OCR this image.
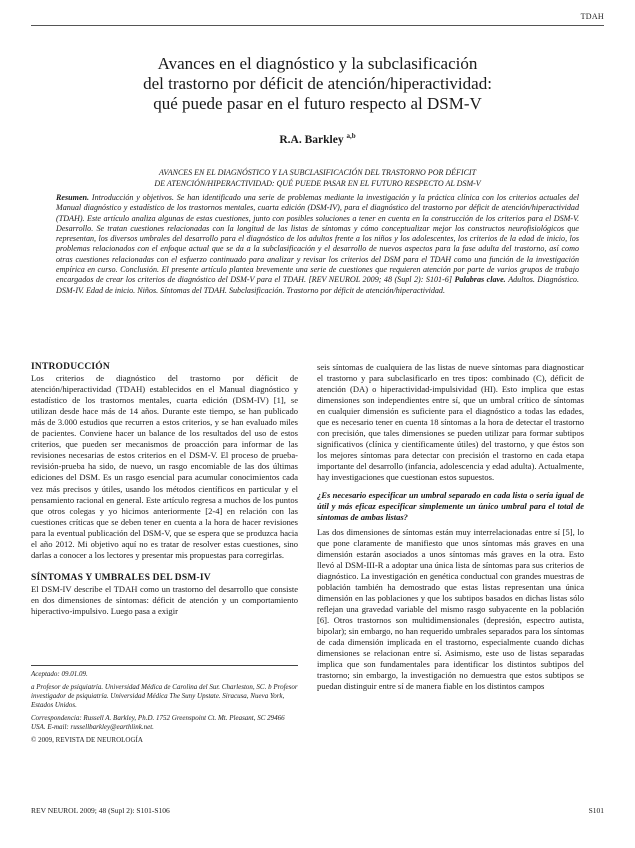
TDAH
Avances en el diagnóstico y la subclasificación
del trastorno por déficit de atención/hiperactividad:
qué puede pasar en el futuro respecto al DSM-V
R.A. Barkley $^{a,b}$
AVANCES EN EL DIAGNÓSTICO Y LA SUBCLASIFICACIÓN DEL TRASTORNO POR DÉFICIT
DE ATENCIÓN/HIPERACTIVIDAD: QUÉ PUEDE PASAR EN EL FUTURO RESPECTO AL DSM-V
Resumen. Introducción y objetivos. Se han identificado una serie de problemas mediante la investigación y la práctica clínica con los criterios actuales del Manual diagnóstico y estadístico de los trastornos mentales, cuarta edición (DSM-IV), para el diagnóstico del trastorno por déficit de atención/hiperactividad (TDAH). Este artículo analiza algunas de estas cuestiones, junto con posibles soluciones a tener en cuenta en la construcción de los criterios para el DSM-V. Desarrollo. Se tratan cuestiones relacionadas con la longitud de las listas de síntomas y cómo conceptualizar mejor los constructos neurofisiológicos que representan, los diversos umbrales del desarrollo para el diagnóstico de los adultos frente a los niños y los adolescentes, los criterios de la edad de inicio, los problemas relacionados con el enfoque actual que se da a la subclasificación y el desarrollo de nuevos aspectos para la fase adulta del trastorno, así como otras cuestiones relacionadas con el esfuerzo continuado para analizar y revisar los criterios del DSM para el TDAH como una función de la investigación empírica en curso. Conclusión. El presente artículo plantea brevemente una serie de cuestiones que requieren atención por parte de varios grupos de trabajo encargados de crear los criterios de diagnóstico del DSM-V para el TDAH. [REV NEUROL 2009; 48 (Supl 2): S101-6] Palabras clave. Adultos. Diagnóstico. DSM-IV. Edad de inicio. Niños. Síntomas del TDAH. Subclasificación. Trastorno por déficit de atención/hiperactividad.

INTRODUCCIÓN

Los criterios de diagnóstico del trastorno por déficit de atención/hiperactividad (TDAH) establecidos en el Manual diagnóstico y estadístico de los trastornos mentales, cuarta edición (DSM-IV) [1], se utilizan desde hace más de 14 años. Durante este tiempo, se han publicado más de 3.000 estudios que recurren a estos criterios, y se han evaluado miles de pacientes. Conviene hacer un balance de los resultados del uso de estos criterios, que pueden ser mecanismos de proacción para informar de las revisiones necesarias de estos criterios en el DSM-V. El proceso de prueba-revisión-prueba ha sido, de nuevo, un rasgo encomiable de las dos últimas ediciones del DSM. Es un rasgo esencial para acumular conocimientos cada vez más precisos y útiles, usando los métodos científicos en particular y el pensamiento racional en general. Este artículo regresa a muchos de los puntos que otros colegas y yo hicimos anteriormente [2-4] en relación con las cuestiones críticas que se deben tener en cuenta a la hora de hacer revisiones para la eventual publicación del DSM-V, que se espera que se produzca hacia el año 2012. Mi objetivo aquí no es tratar de resolver estas cuestiones, sino darlas a conocer a los lectores y presentar mis propuestas para corregirlas.

SÍNTOMAS Y UMBRALES DEL DSM-IV

El DSM-IV describe el TDAH como un trastorno del desarrollo que consiste en dos dimensiones de síntomas: déficit de atención y un comportamiento hiperactivo-impulsivo. Luego pasa a exigir

Aceptado: 09.01.09.

a Profesor de psiquiatría. Universidad Médica de Carolina del Sur. Charleston, SC. b Profesor investigador de psiquiatría. Universidad Médica The Suny Upstate. Siracusa, Nueva York, Estados Unidos.

Correspondencia: Russell A. Barkley, Ph.D. 1752 Greenspoint Ct. Mt. Pleasant, SC 29466 USA. E-mail: russellbarkley@earthlink.net.

© 2009, REVISTA DE NEUROLOGÍA

seis síntomas de cualquiera de las listas de nueve síntomas para diagnosticar el trastorno y para subclasificarlo en tres tipos: combinado (C), déficit de atención (DA) o hiperactividad-impulsividad (HI). Esto implica que estas dimensiones son independientes entre sí, que un umbral crítico de síntomas en cualquier dimensión es suficiente para el diagnóstico a todas las edades, que es necesario tener en cuenta 18 síntomas a la hora de detectar el trastorno con precisión, que tales dimensiones se pueden utilizar para formar subtipos significativos (clínica y científicamente útiles) del trastorno, y que éstos son los mejores síntomas para detectar con precisión el trastorno en cada etapa importante del desarrollo (infancia, adolescencia y edad adulta). Actualmente, hay investigaciones que cuestionan estos supuestos.

¿Es necesario especificar un umbral separado en cada lista o sería igual de útil y más eficaz especificar simplemente un único umbral para el total de síntomas de ambas listas?

Las dos dimensiones de síntomas están muy interrelacionadas entre sí [5], lo que pone claramente de manifiesto que unos síntomas más graves en una dimensión estarán asociados a unos síntomas más graves en la otra. Esto llevó al DSM-III-R a adoptar una única lista de síntomas para sus criterios de diagnóstico. La investigación en genética conductual con grandes muestras de población también ha demostrado que estas listas representan una única dimensión en las poblaciones y que los subtipos basados en dichas listas sólo reflejan una gravedad variable del mismo rasgo subyacente en la población [6]. Otros trastornos son multidimensionales (depresión, espectro autista, bipolar); sin embargo, no han requerido umbrales separados para los síntomas de cada dimensión implicada en el trastorno, especialmente cuando dichas dimensiones se relacionan entre sí. Asimismo, este uso de listas separadas implica que son fundamentales para identificar los distintos subtipos del trastorno; sin embargo, la investigación no demuestra que estos subtipos se puedan distinguir entre sí de manera fiable en los distintos campos

REV NEUROL 2009; 48 (Supl 2): S101-S106	S101
